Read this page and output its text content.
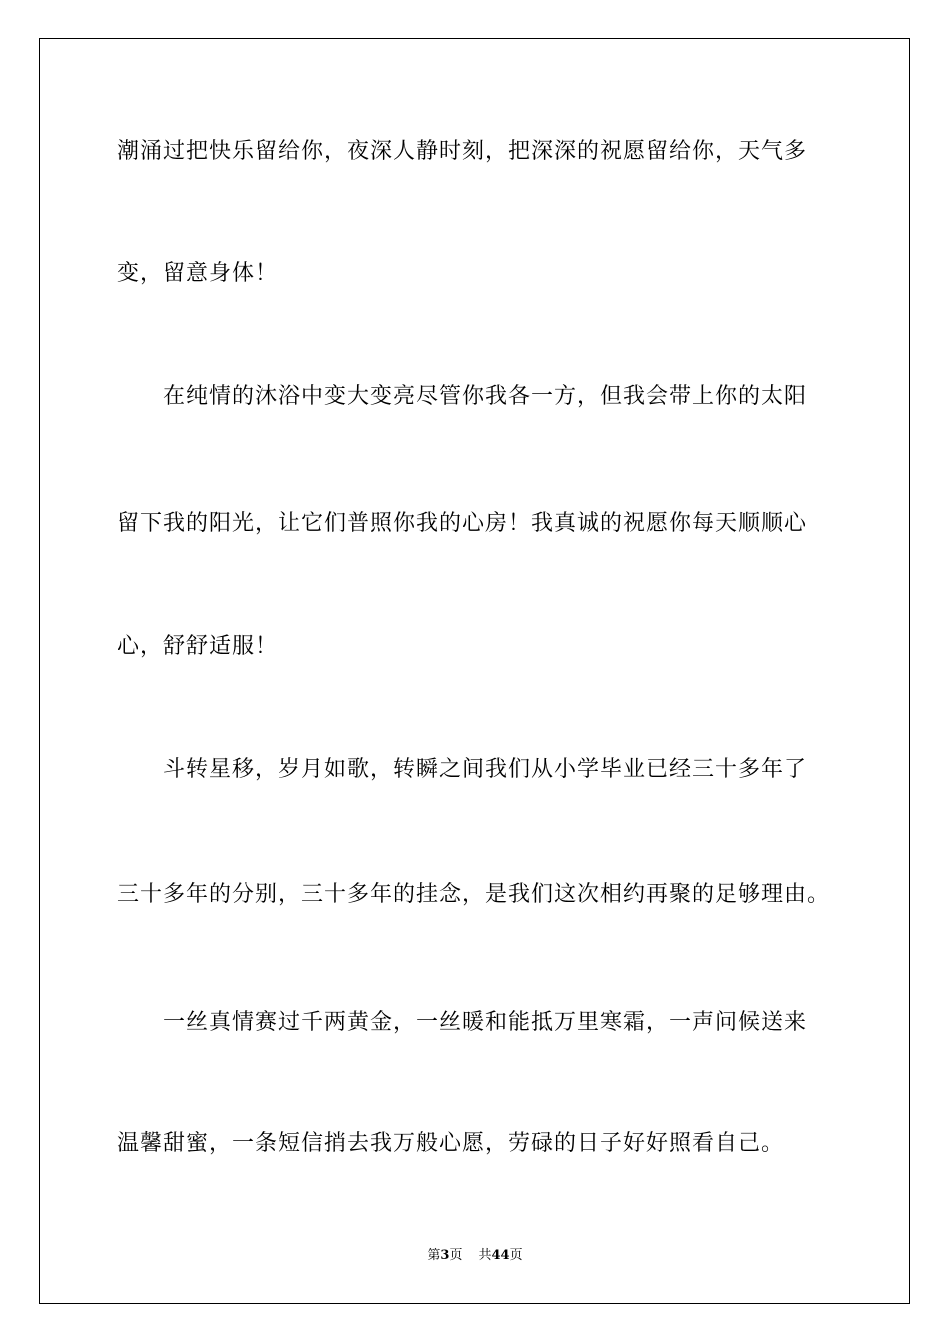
潮涌过把快乐留给你，夜深人静时刻，把深深的祝愿留给你，天气多
变，留意身体！
在纯情的沐浴中变大变亮尽管你我各一方，但我会带上你的太阳
留下我的阳光，让它们普照你我的心房！我真诚的祝愿你每天顺顺心
心，舒舒适服！
斗转星移，岁月如歌，转瞬之间我们从小学毕业已经三十多年了
三十多年的分别，三十多年的挂念，是我们这次相约再聚的足够理由。
一丝真情赛过千两黄金，一丝暖和能抵万里寒霜，一声问候送来
温馨甜蜜，一条短信捎去我万般心愿，劳碌的日子好好照看自己。
第3页 共44页
